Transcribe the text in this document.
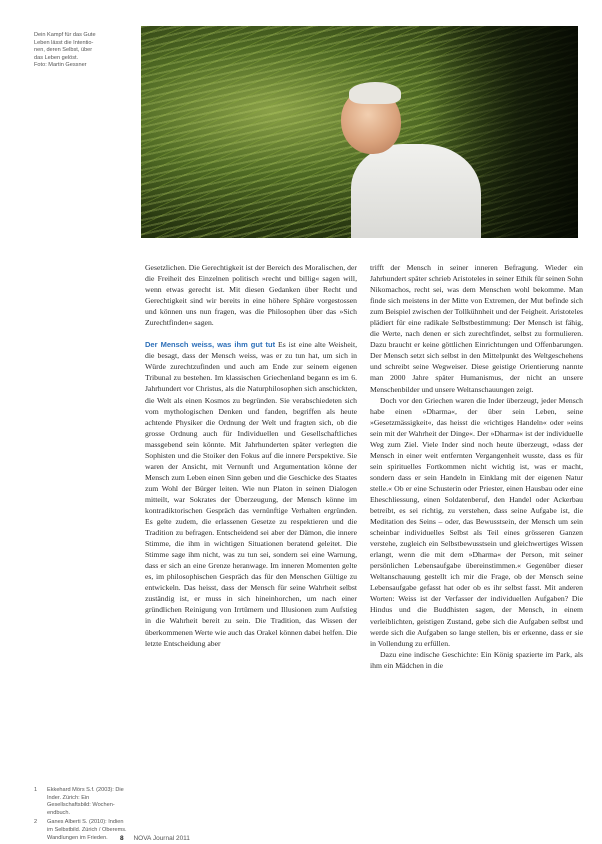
Dein Kampf für das Gute

Leben lässt die Intentio-

nen, deren Selbst, über

das Leben gelöst.

Foto: Martin Gessner

Gesetzlichen. Die Gerechtigkeit ist der Bereich des Moralischen, der die Freiheit des Einzelnen politisch »recht und billig« sagen will, wenn etwas gerecht ist. Mit diesen Gedanken über Recht und Gerechtigkeit sind wir bereits in eine höhere Sphäre vorgestossen und können uns nun fragen, was die Philosophen über das »Sich Zurechtfinden« sagen.

Der Mensch weiss, was ihm gut tut Es ist eine alte Weisheit, die besagt, dass der Mensch weiss, was er zu tun hat, um sich in Würde zurechtzufinden und auch am Ende zur seinem eigenen Tribunal zu bestehen. Im klassischen Griechenland begann es im 6. Jahrhundert vor Christus, als die Naturphilosophen sich anschickten, die Welt als einen Kosmos zu begründen. Sie verabschiedeten sich vom mythologischen Denken und fanden, begriffen als heute achtende Physiker die Ordnung der Welt und fragten sich, ob die grosse Ordnung auch für Individuellen und Gesellschaftliches massgebend sein könnte. Mit Jahrhunderten später verlegten die Sophisten und die Stoiker den Fokus auf die innere Perspektive. Sie waren der Ansicht, mit Vernunft und Argumentation könne der Mensch zum Leben einen Sinn geben und die Geschicke des Staates zum Wohl der Bürger leiten. Wie nun Platon in seinen Dialogen mitteilt, war Sokrates der Überzeugung, der Mensch könne im kontradiktorischen Gespräch das vernünftige Verhalten ergründen. Es gelte zudem, die erlassenen Gesetze zu respektieren und die Tradition zu befragen. Entscheidend sei aber der Dämon, die innere Stimme, die ihm in wichtigen Situationen beratend geleitet. Die Stimme sage ihm nicht, was zu tun sei, sondern sei eine Warnung, dass er sich an eine Grenze heranwage. Im inneren Momenten gelte es, im philosophischen Gespräch das für den Menschen Gültige zu entwickeln. Das heisst, dass der Mensch für seine Wahrheit selbst zuständig ist, er muss in sich hineinhorchen, um nach einer gründlichen Reinigung von Irrtümern und Illusionen zum Aufstieg in die Wahrheit bereit zu sein. Die Tradition, das Wissen der überkommenen Werte wie auch das Orakel können dabei helfen. Die letzte Entscheidung aber

trifft der Mensch in seiner inneren Befragung. Wieder ein Jahrhundert später schrieb Aristoteles in seiner Ethik für seinen Sohn Nikomachos, recht sei, was dem Menschen wohl bekomme. Man finde sich meistens in der Mitte von Extremen, der Mut befinde sich zum Beispiel zwischen der Tollkühnheit und der Feigheit. Aristoteles plädiert für eine radikale Selbstbestimmung: Der Mensch ist fähig, die Werte, nach denen er sich zurechtfindet, selbst zu formulieren. Dazu braucht er keine göttlichen Einrichtungen und Offenbarungen. Der Mensch setzt sich selbst in den Mittelpunkt des Weltgeschehens und schreibt seine Wegweiser. Diese geistige Orientierung nannte man 2000 Jahre später Humanismus, der nicht an unsere Menschenbilder und unsere Weltanschauungen zeigt.

Doch vor den Griechen waren die Inder überzeugt, jeder Mensch habe einen »Dharma«, der über sein Leben, seine »Gesetzmässigkeit«, das heisst die »richtiges Handeln« oder »eins sein mit der Wahrheit der Dinge«. Der »Dharma« ist der individuelle Weg zum Ziel. Viele Inder sind noch heute überzeugt, »dass der Mensch in einer weit entfernten Vergangenheit wusste, dass es für sein spirituelles Fortkommen nicht wichtig ist, was er macht, sondern dass er sein Handeln in Einklang mit der eigenen Natur stelle.« Ob er eine Schusterin oder Priester, einen Hausbau oder eine Eheschliessung, einen Soldatenberuf, den Handel oder Ackerbau betreibt, es sei richtig, zu verstehen, dass seine Aufgabe ist, die Meditation des Seins – oder, das Bewusstsein, der Mensch um sein scheinbar individuelles Selbst als Teil eines grösseren Ganzen verstehe, zugleich ein Selbstbewusstsein und gleichwertiges Wissen erlangt, wenn die mit dem »Dharma« der Person, mit seiner persönlichen Lebensaufgabe übereinstimmen.« Gegenüber dieser Weltanschauung gestellt ich mir die Frage, ob der Mensch seine Lebensaufgabe gefasst hat oder ob es ihr selbst fasst. Mit anderen Worten: Weiss ist der Verfasser der individuellen Aufgaben? Die Hindus und die Buddhisten sagen, der Mensch, in einem verleiblichten, geistigen Zustand, gebe sich die Aufgaben selbst und werde sich die Aufgaben so lange stellen, bis er erkenne, dass er sie in Vollendung zu erfüllen.

Dazu eine indische Geschichte: Ein König spazierte im Park, als ihm ein Mädchen in die

1 Ekkehard Mörs S.f. (2003): Die Inder. Zürich: Ein Gesellschaftsbild: Wochenendbuch.
2 Ganes Alberti S. (2010): Indien im Selbstbild. Zürich / Oberems. Wandlungen im Frieden.	8 NOVA Journal 2011
